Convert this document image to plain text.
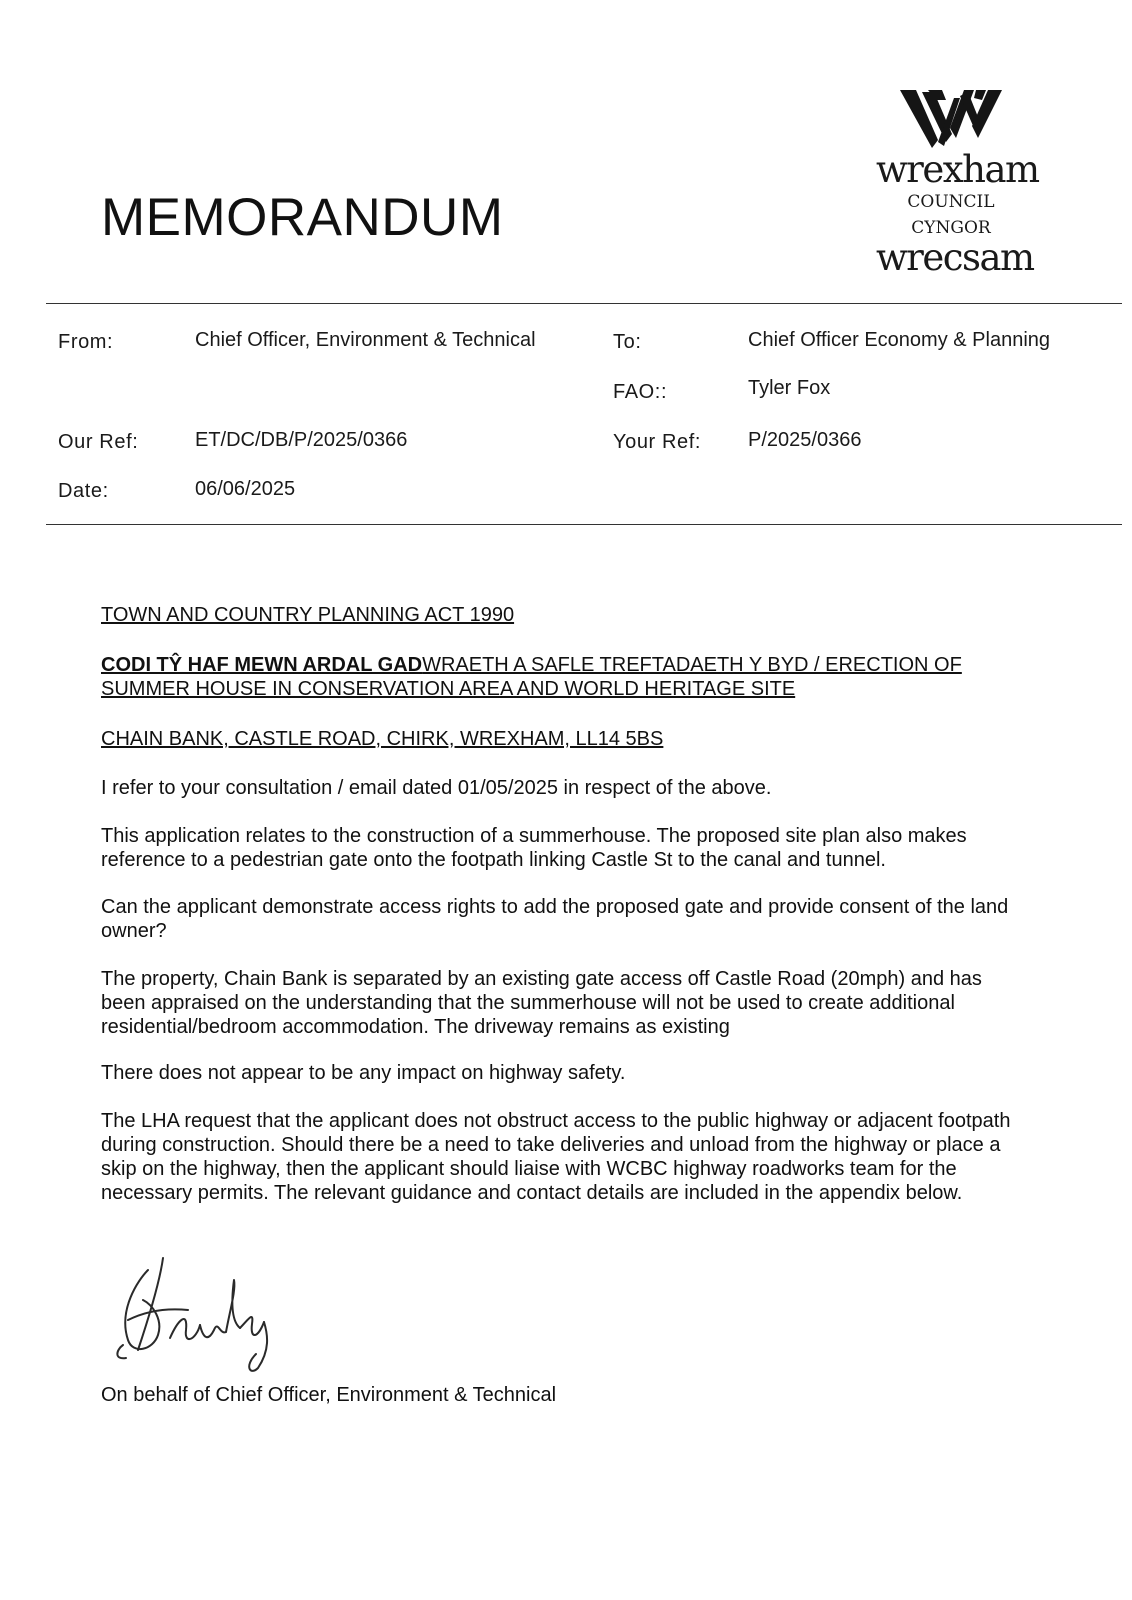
MEMORANDUM
wrexham
COUNCIL
CYNGOR
wrecsam
From:	Chief Officer, Environment & Technical	To:	Chief Officer Economy & Planning
FAO::	Tyler Fox
Our Ref:	ET/DC/DB/P/2025/0366	Your Ref: P/2025/0366
Date:	06/06/2025

TOWN AND COUNTRY PLANNING ACT 1990

CODI TŶ HAF MEWN ARDAL GADWRAETH A SAFLE TREFTADAETH Y BYD / ERECTION OF SUMMER HOUSE IN CONSERVATION AREA AND WORLD HERITAGE SITE

CHAIN BANK, CASTLE ROAD, CHIRK, WREXHAM, LL14 5BS

I refer to your consultation / email dated 01/05/2025 in respect of the above.

This application relates to the construction of a summerhouse. The proposed site plan also makes reference to a pedestrian gate onto the footpath linking Castle St to the canal and tunnel.

Can the applicant demonstrate access rights to add the proposed gate and provide consent of the land owner?

The property, Chain Bank is separated by an existing gate access off Castle Road (20mph) and has been appraised on the understanding that the summerhouse will not be used to create additional residential/bedroom accommodation. The driveway remains as existing

There does not appear to be any impact on highway safety.

The LHA request that the applicant does not obstruct access to the public highway or adjacent footpath during construction. Should there be a need to take deliveries and unload from the highway or place a skip on the highway, then the applicant should liaise with WCBC highway roadworks team for the necessary permits. The relevant guidance and contact details are included in the appendix below.

On behalf of Chief Officer, Environment & Technical
